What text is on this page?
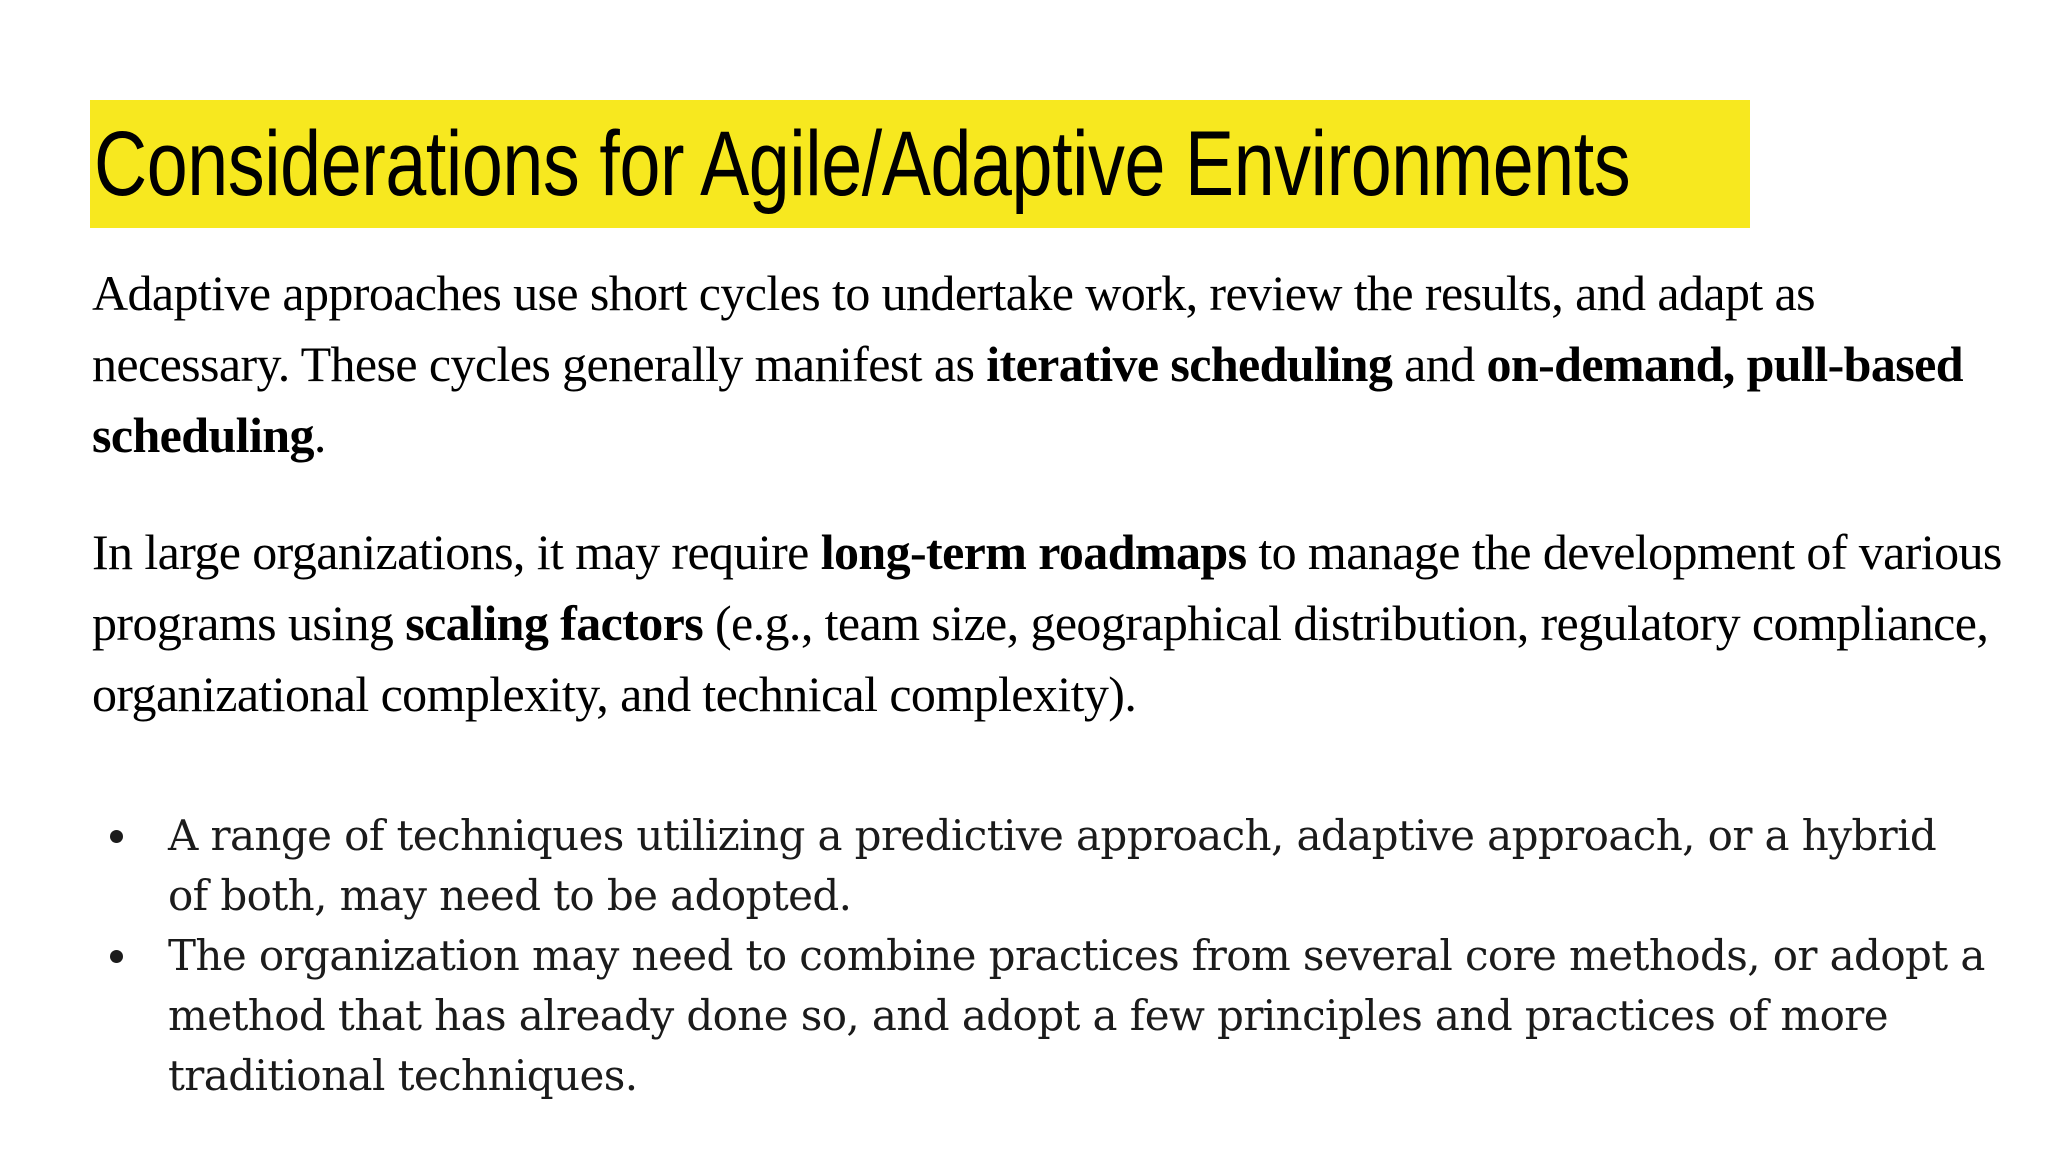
Considerations for Agile/Adaptive Environments

Adaptive approaches use short cycles to undertake work, review the results, and adapt as necessary. These cycles generally manifest as iterative scheduling and on-demand, pull-based scheduling.

In large organizations, it may require long-term roadmaps to manage the development of various programs using scaling factors (e.g., team size, geographical distribution, regulatory compliance, organizational complexity, and technical complexity).

A range of techniques utilizing a predictive approach, adaptive approach, or a hybrid of both, may need to be adopted.
The organization may need to combine practices from several core methods, or adopt a method that has already done so, and adopt a few principles and practices of more traditional techniques.
